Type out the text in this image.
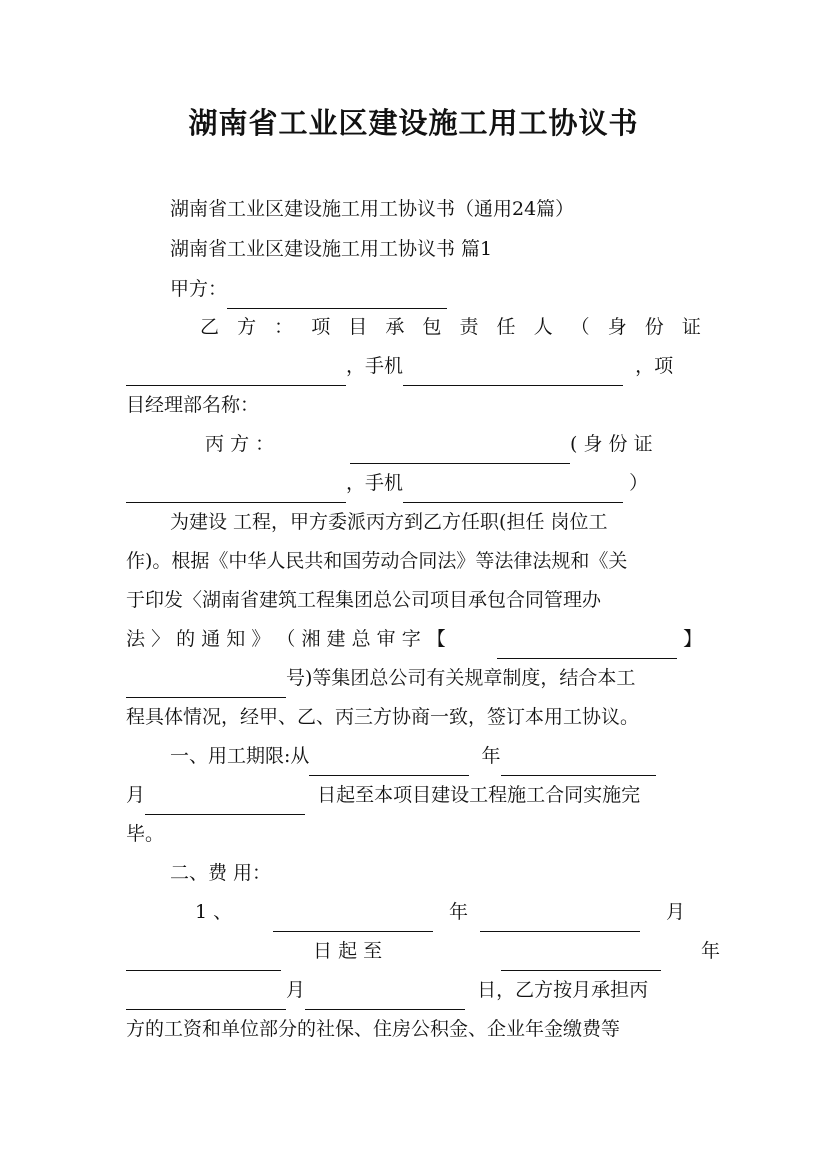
湖南省工业区建设施工用工协议书
湖南省工业区建设施工用工协议书（通用24篇）
湖南省工业区建设施工用工协议书 篇1
甲方：
乙 方 ： 项 目 承 包 责 任 人 （ 身 份 证
，手机	，项
目经理部名称：
丙 方 ：	( 身 份 证
，手机	）
为建设 工程，甲方委派丙方到乙方任职(担任 岗位工
作)。根据《中华人民共和国劳动合同法》等法律法规和《关
于印发〈湖南省建筑工程集团总公司项目承包合同管理办
法 〉 的 通 知 》 （ 湘 建 总 审 字 【	】
号)等集团总公司有关规章制度，结合本工
程具体情况，经甲、乙、丙三方协商一致，签订本用工协议。
一、用工期限:从	年
月	日起至本项目建设工程施工合同实施完
毕。
二、费 用：
1 、	年	月
日 起 至	年
月	日，乙方按月承担丙
方的工资和单位部分的社保、住房公积金、企业年金缴费等
